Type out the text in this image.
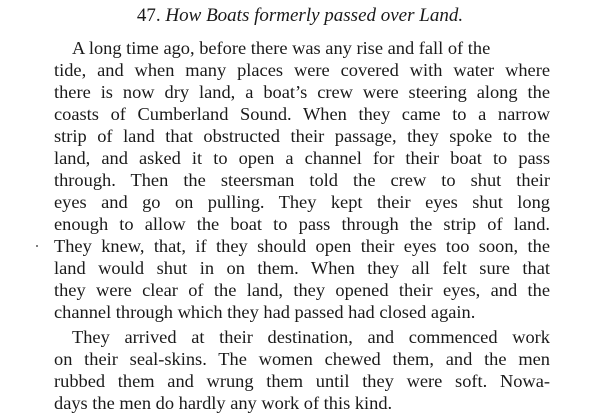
47. How Boats formerly passed over Land.
A long time ago, before there was any rise and fall of the
tide, and when many places were covered with water where
there is now dry land, a boat’s crew were steering along the
coasts of Cumberland Sound. When they came to a narrow
strip of land that obstructed their passage, they spoke to the
land, and asked it to open a channel for their boat to pass
through. Then the steersman told the crew to shut their
eyes and go on pulling. They kept their eyes shut long
enough to allow the boat to pass through the strip of land.
They knew, that, if they should open their eyes too soon, the
land would shut in on them. When they all felt sure that
they were clear of the land, they opened their eyes, and the
channel through which they had passed had closed again.
They arrived at their destination, and commenced work
on their seal-skins. The women chewed them, and the men
rubbed them and wrung them until they were soft. Nowa-
days the men do hardly any work of this kind.
